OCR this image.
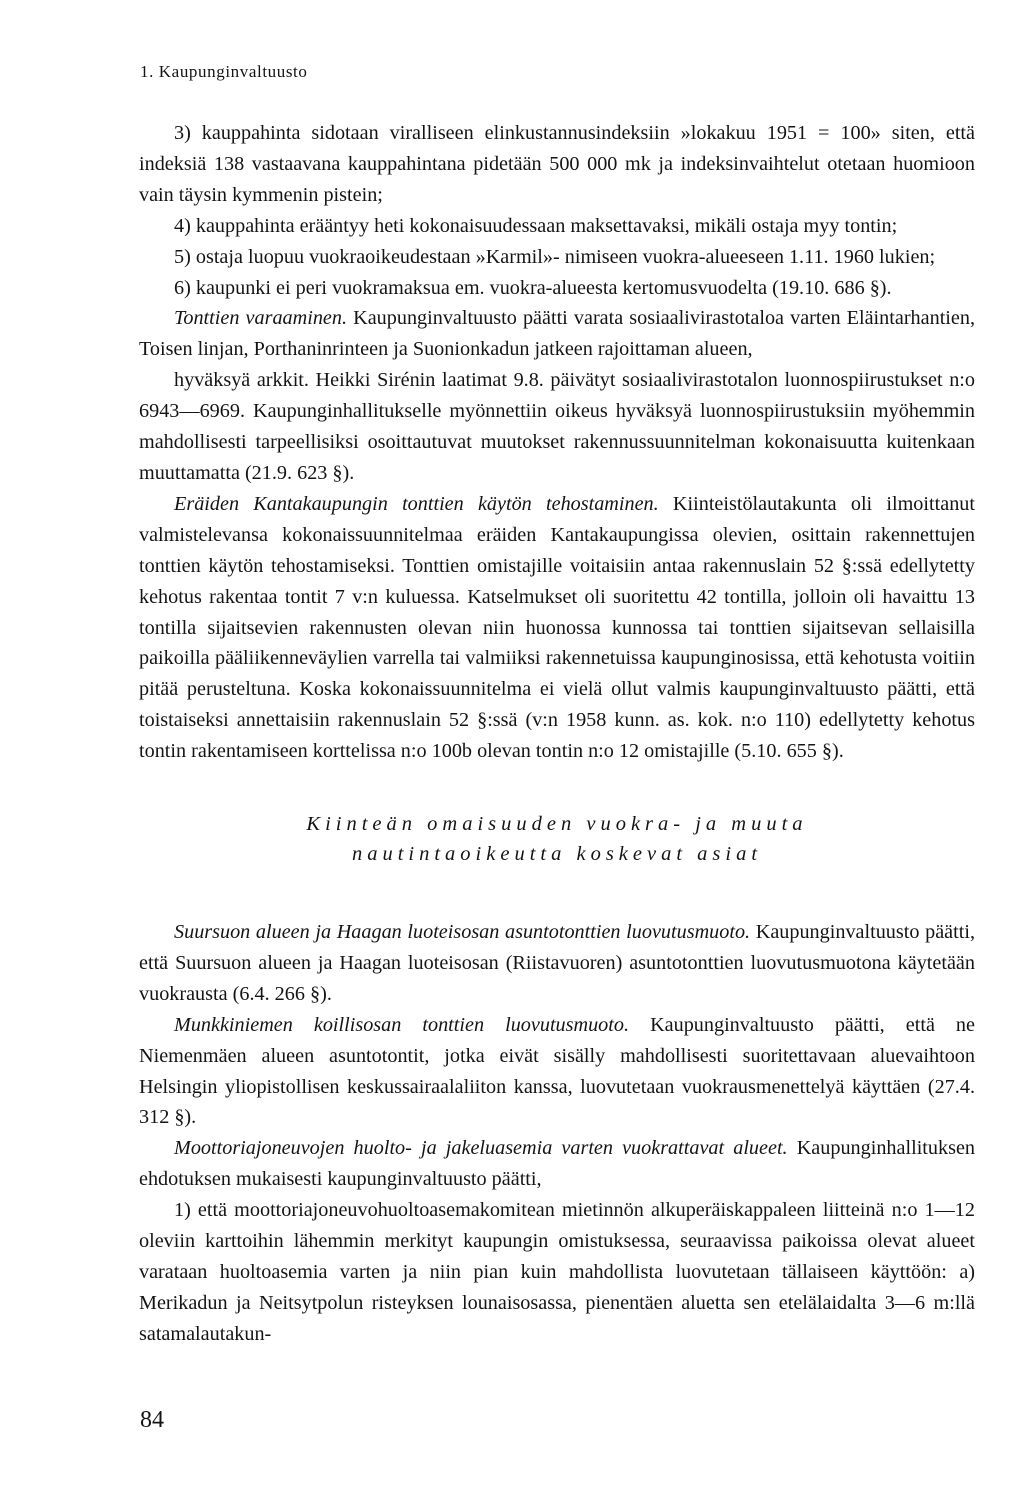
1. Kaupunginvaltuusto

3) kauppahinta sidotaan viralliseen elinkustannusindeksiin »lokakuu 1951 = 100» siten, että indeksiä 138 vastaavana kauppahintana pidetään 500 000 mk ja indeksinvaihtelut otetaan huomioon vain täysin kymmenin pistein;

4) kauppahinta erääntyy heti kokonaisuudessaan maksettavaksi, mikäli ostaja myy tontin;

5) ostaja luopuu vuokraoikeudestaan »Karmil»- nimiseen vuokra-alueeseen 1.11. 1960 lukien;

6) kaupunki ei peri vuokramaksua em. vuokra-alueesta kertomusvuodelta (19.10. 686 §).

Tonttien varaaminen. Kaupunginvaltuusto päätti varata sosiaalivirastotaloa varten Eläintarhantien, Toisen linjan, Porthaninrinteen ja Suonionkadun jatkeen rajoittaman alueen,

hyväksyä arkkit. Heikki Sirénin laatimat 9.8. päivätyt sosiaalivirastotalon luonnospiirustukset n:o 6943—6969. Kaupunginhallitukselle myönnettiin oikeus hyväksyä luonnospiirustuksiin myöhemmin mahdollisesti tarpeellisiksi osoittautuvat muutokset rakennussuunnitelman kokonaisuutta kuitenkaan muuttamatta (21.9. 623 §).

Eräiden Kantakaupungin tonttien käytön tehostaminen. Kiinteistölautakunta oli ilmoittanut valmistelevansa kokonaissuunnitelmaa eräiden Kantakaupungissa olevien, osittain rakennettujen tonttien käytön tehostamiseksi. Tonttien omistajille voitaisiin antaa rakennuslain 52 §:ssä edellytetty kehotus rakentaa tontit 7 v:n kuluessa. Katselmukset oli suoritettu 42 tontilla, jolloin oli havaittu 13 tontilla sijaitsevien rakennusten olevan niin huonossa kunnossa tai tonttien sijaitsevan sellaisilla paikoilla pääliikenneväylien varrella tai valmiiksi rakennetuissa kaupunginosissa, että kehotusta voitiin pitää perusteltuna. Koska kokonaissuunnitelma ei vielä ollut valmis kaupunginvaltuusto päätti, että toistaiseksi annettaisiin rakennuslain 52 §:ssä (v:n 1958 kunn. as. kok. n:o 110) edellytetty kehotus tontin rakentamiseen korttelissa n:o 100b olevan tontin n:o 12 omistajille (5.10. 655 §).

Kiinteän omaisuuden vuokra- ja muuta
nautintaoikeutta koskevat asiat

Suursuon alueen ja Haagan luoteisosan asuntotonttien luovutusmuoto. Kaupunginvaltuusto päätti, että Suursuon alueen ja Haagan luoteisosan (Riistavuoren) asuntotonttien luovutusmuotona käytetään vuokrausta (6.4. 266 §).

Munkkiniemen koillisosan tonttien luovutusmuoto. Kaupunginvaltuusto päätti, että ne Niemenmäen alueen asuntotontit, jotka eivät sisälly mahdollisesti suoritettavaan aluevaihtoon Helsingin yliopistollisen keskussairaalaliiton kanssa, luovutetaan vuokrausmenettelyä käyttäen (27.4. 312 §).

Moottoriajoneuvojen huolto- ja jakeluasemia varten vuokrattavat alueet. Kaupunginhallituksen ehdotuksen mukaisesti kaupunginvaltuusto päätti,

1) että moottoriajoneuvohuoltoasemakomitean mietinnön alkuperäiskappaleen liitteinä n:o 1—12 oleviin karttoihin lähemmin merkityt kaupungin omistuksessa, seuraavissa paikoissa olevat alueet varataan huoltoasemia varten ja niin pian kuin mahdollista luovutetaan tällaiseen käyttöön: a) Merikadun ja Neitsytpolun risteyksen lounaisosassa, pienentäen aluetta sen etelälaidalta 3—6 m:llä satamalautakun-

84
